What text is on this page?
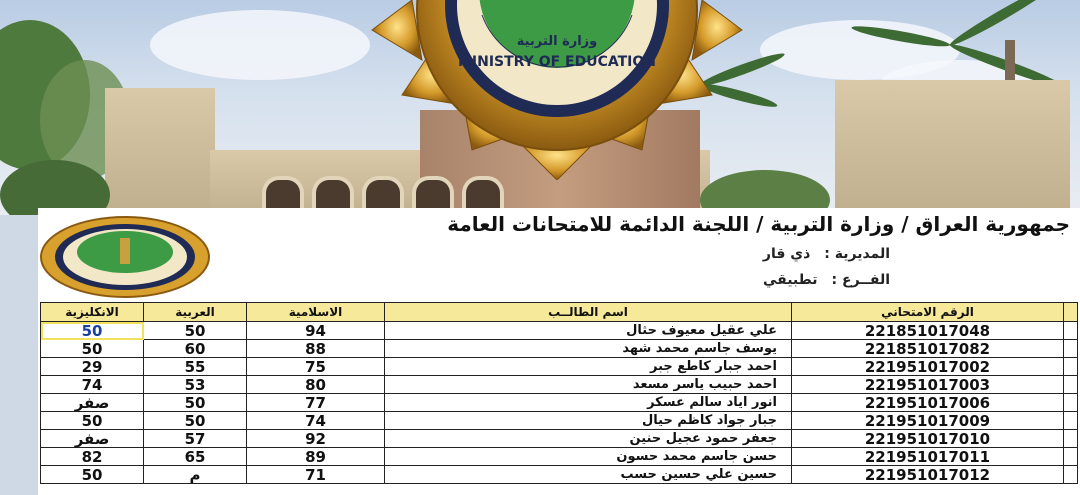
وزارة التربية
MINISTRY OF EDUCATION
جمهورية العراق / وزارة التربية / اللجنة الدائمة للامتحانات العامة
المديرية :ذي قار
الفــرع :تطبيقي
الانكليزية	العربية	الاسلامية	اسم الطالــب	الرقم الامتحاني	
50	50	94	علي عقيل معيوف حثال	221851017048	
50	60	88	يوسف جاسم محمد شهد	221851017082	
29	55	75	احمد جبار كاطع جبر	221951017002	
74	53	80	احمد حبيب ياسر مسعد	221951017003	
صفر	50	77	انور اياد سالم عسكر	221951017006	
50	50	74	جبار جواد كاظم حيال	221951017009	
صفر	57	92	جعفر حمود عجيل حنين	221951017010	
82	65	89	حسن جاسم محمد حسون	221951017011	
50	م	71	حسين علي حسين حسب	221951017012	
